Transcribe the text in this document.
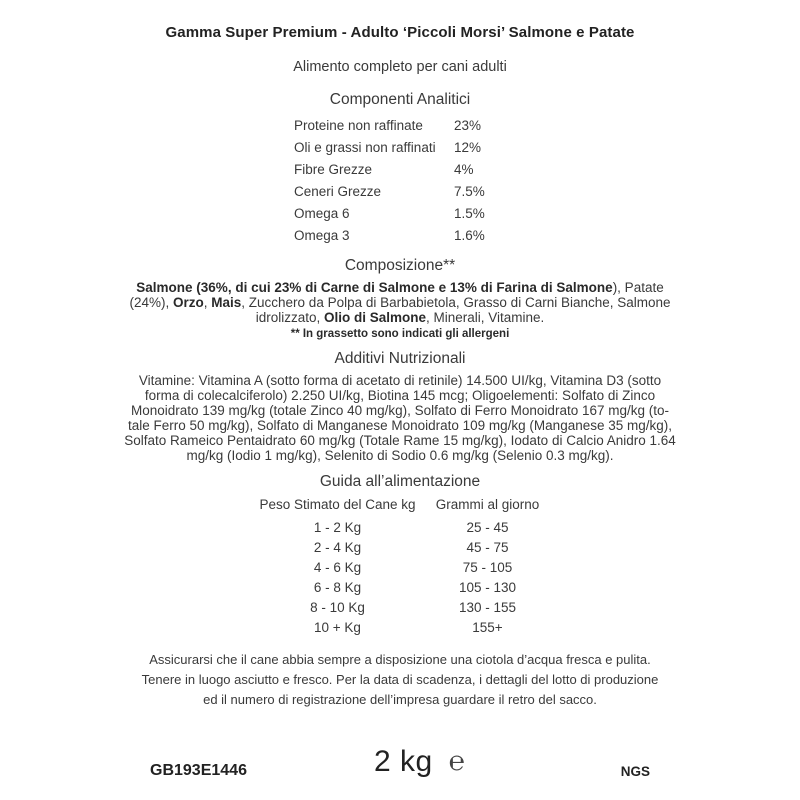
Gamma Super Premium - Adulto ‘Piccoli Morsi’ Salmone e Patate
Alimento completo per cani adulti
Componenti Analitici
Proteine non raffinate	23%
Oli e grassi non raffinati	12%
Fibre Grezze	4%
Ceneri Grezze	7.5%
Omega 6	1.5%
Omega 3	1.6%
Composizione**
Salmone (36%, di cui 23% di Carne di Salmone e 13% di Farina di Salmone), Patate
(24%), Orzo, Mais, Zucchero da Polpa di Barbabietola, Grasso di Carni Bianche, Salmone
idrolizzato, Olio di Salmone, Minerali, Vitamine.
** In grassetto sono indicati gli allergeni
Additivi Nutrizionali
Vitamine: Vitamina A (sotto forma di acetato di retinile) 14.500 UI/kg, Vitamina D3 (sotto
forma di colecalciferolo) 2.250 UI/kg, Biotina 145 mcg; Oligoelementi: Solfato di Zinco
Monoidrato 139 mg/kg (totale Zinco 40 mg/kg), Solfato di Ferro Monoidrato 167 mg/kg (to-
tale Ferro 50 mg/kg), Solfato di Manganese Monoidrato 109 mg/kg (Manganese 35 mg/kg),
Solfato Rameico Pentaidrato 60 mg/kg (Totale Rame 15 mg/kg), Iodato di Calcio Anidro 1.64
mg/kg (Iodio 1 mg/kg), Selenito di Sodio 0.6 mg/kg (Selenio 0.3 mg/kg).
Guida all’alimentazione
Peso Stimato del Cane kg	Grammi al giorno
1 - 2 Kg	25 - 45
2 - 4 Kg	45 - 75
4 - 6 Kg	75 - 105
6 - 8 Kg	105 - 130
8 - 10 Kg	130 - 155
10 + Kg	155+
Assicurarsi che il cane abbia sempre a disposizione una ciotola d’acqua fresca e pulita.
Tenere in luogo asciutto e fresco. Per la data di scadenza, i dettagli del lotto di produzione
ed il numero di registrazione dell’impresa guardare il retro del sacco.
GB193E1446	2 kg ℮	NGS
